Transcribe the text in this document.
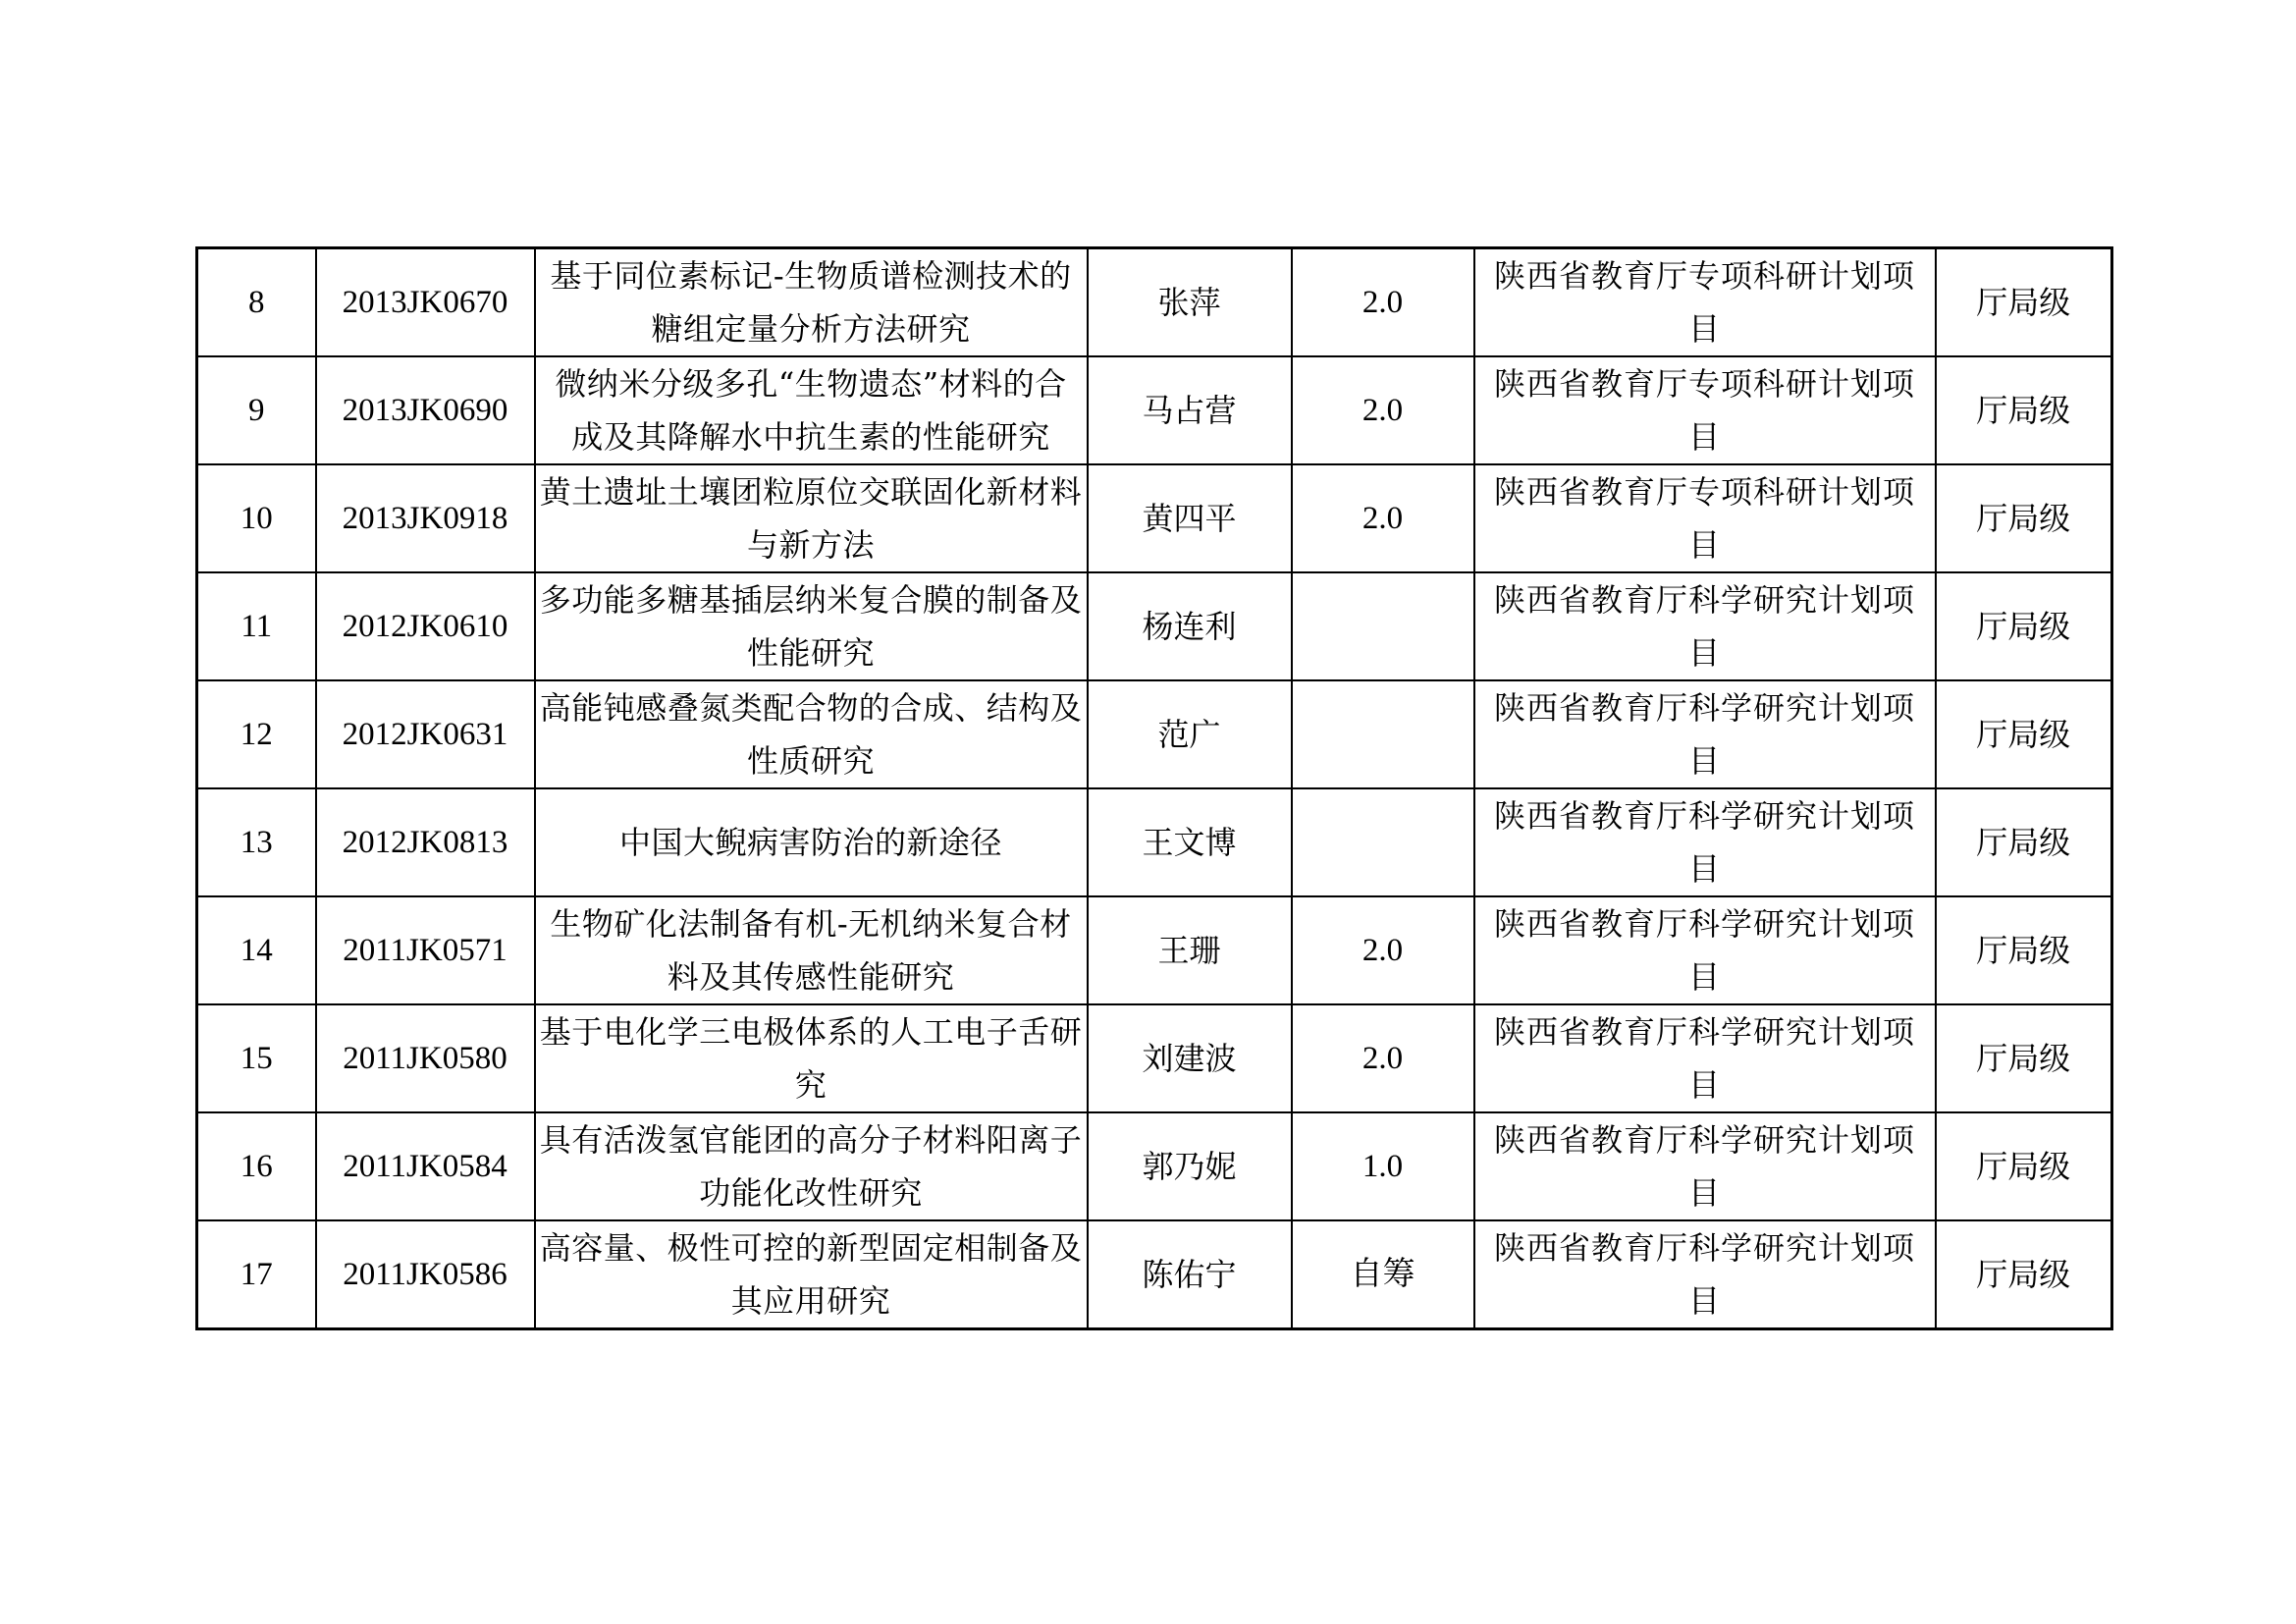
8	2013JK0670	基于同位素标记-生物质谱检测技术的糖组定量分析方法研究	张萍	2.0	陕西省教育厅专项科研计划项目	厅局级
9	2013JK0690	微纳米分级多孔“生物遗态”材料的合成及其降解水中抗生素的性能研究	马占营	2.0	陕西省教育厅专项科研计划项目	厅局级
10	2013JK0918	黄土遗址土壤团粒原位交联固化新材料与新方法	黄四平	2.0	陕西省教育厅专项科研计划项目	厅局级
11	2012JK0610	多功能多糖基插层纳米复合膜的制备及性能研究	杨连利		陕西省教育厅科学研究计划项目	厅局级
12	2012JK0631	高能钝感叠氮类配合物的合成、结构及性质研究	范广		陕西省教育厅科学研究计划项目	厅局级
13	2012JK0813	中国大鲵病害防治的新途径	王文博		陕西省教育厅科学研究计划项目	厅局级
14	2011JK0571	生物矿化法制备有机-无机纳米复合材料及其传感性能研究	王珊	2.0	陕西省教育厅科学研究计划项目	厅局级
15	2011JK0580	基于电化学三电极体系的人工电子舌研究	刘建波	2.0	陕西省教育厅科学研究计划项目	厅局级
16	2011JK0584	具有活泼氢官能团的高分子材料阳离子功能化改性研究	郭乃妮	1.0	陕西省教育厅科学研究计划项目	厅局级
17	2011JK0586	高容量、极性可控的新型固定相制备及其应用研究	陈佑宁	自筹	陕西省教育厅科学研究计划项目	厅局级
